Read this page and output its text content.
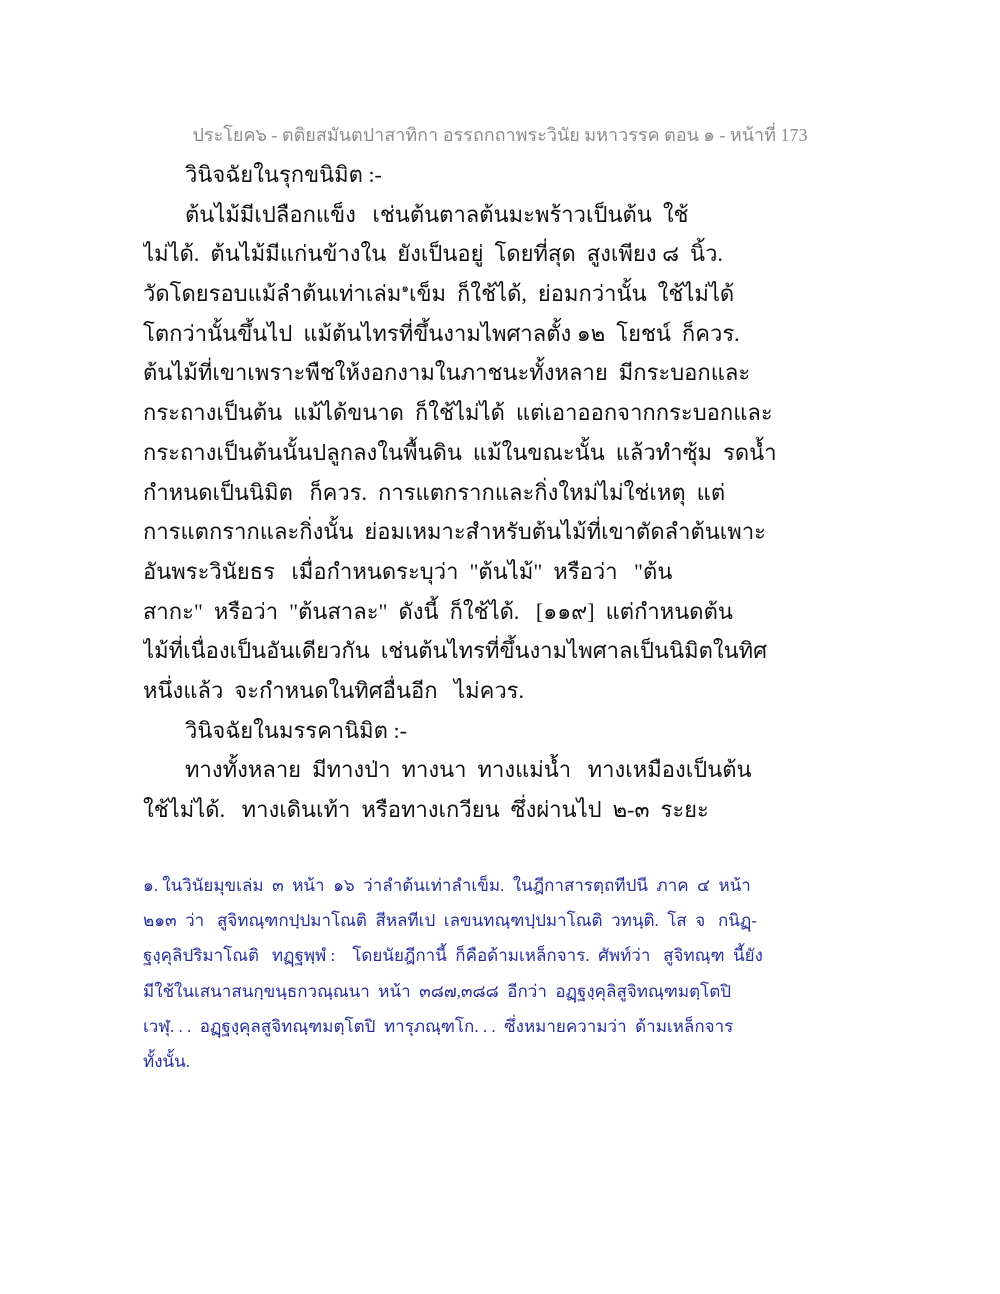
ประโยค๖ - ตติยสมันตปาสาทิกา อรรถกถาพระวินัย มหาวรรค ตอน ๑ - หน้าที่ 173
วินิจฉัยในรุกขนิมิต :-
ต้นไม้มีเปลือกแข็ง   เช่นต้นตาลต้นมะพร้าวเป็นต้น  ใช้
ไม่ได้.  ต้นไม้มีแก่นข้างใน  ยังเป็นอยู่  โดยที่สุด  สูงเพียง ๘  นิ้ว.
วัดโดยรอบแม้ลำต้นเท่าเล่ม$^๑$เข็ม  ก็ใช้ได้,  ย่อมกว่านั้น  ใช้ไม่ได้
โตกว่านั้นขึ้นไป  แม้ต้นไทรที่ขึ้นงามไพศาลตั้ง ๑๒  โยชน์  ก็ควร.
ต้นไม้ที่เขาเพราะพืชให้งอกงามในภาชนะทั้งหลาย  มีกระบอกและ
กระถางเป็นต้น  แม้ได้ขนาด  ก็ใช้ไม่ได้  แต่เอาออกจากกระบอกและ
กระถางเป็นต้นนั้นปลูกลงในพื้นดิน  แม้ในขณะนั้น  แล้วทำซุ้ม  รดน้ำ
กำหนดเป็นนิมิต   ก็ควร.  การแตกรากและกิ่งใหม่ไม่ใช่เหตุ  แต่
การแตกรากและกิ่งนั้น  ย่อมเหมาะสำหรับต้นไม้ที่เขาตัดลำต้นเพาะ
อันพระวินัยธร   เมื่อกำหนดระบุว่า  "ต้นไม้"  หรือว่า   "ต้น
สากะ"  หรือว่า  "ต้นสาละ"  ดังนี้  ก็ใช้ได้.   [๑๑๙]  แต่กำหนดต้น
ไม้ที่เนื่องเป็นอันเดียวกัน  เช่นต้นไทรที่ขึ้นงามไพศาลเป็นนิมิตในทิศ
หนึ่งแล้ว  จะกำหนดในทิศอื่นอีก   ไม่ควร.
วินิจฉัยในมรรคานิมิต :-
ทางทั้งหลาย  มีทางป่า  ทางนา  ทางแม่น้ำ   ทางเหมืองเป็นต้น
ใช้ไม่ได้.   ทางเดินเท้า  หรือทางเกวียน  ซึ่งผ่านไป  ๒-๓  ระยะ
๑. ในวินัยมุขเล่ม  ๓  หน้า  ๑๖  ว่าลำต้นเท่าลำเข็ม.  ในฎีกาสารตฺถทีปนี  ภาค  ๔  หน้า
๒๑๓  ว่า   สูจิทณฺฑกปฺปมาโณติ  สีหลทีเป  เลขนทณฺฑปฺปมาโณติ  วทนฺติ.  โส  จ   กนิฏฺ-
ฐงฺคุลิปริมาโณติ   ทฏฺฐพฺพํ :    โดยนัยฎีกานี้  ก็คือด้ามเหล็กจาร.  ศัพท์ว่า   สูจิทณฺฑ  นี้ยัง
มีใช้ในเสนาสนกฺขนฺธกวณฺณนา  หน้า  ๓๘๗,๓๘๘  อีกว่า  อฏฺฐงฺคุลิสูจิทณฺฑมตฺโตปิ
เวฬุ. . .  อฏฺฐงฺคุลสูจิทณฺฑมตฺโตปิ  ทารุภณฺฑโก. . .  ซึ่งหมายความว่า  ด้ามเหล็กจาร
ทั้งนั้น.
